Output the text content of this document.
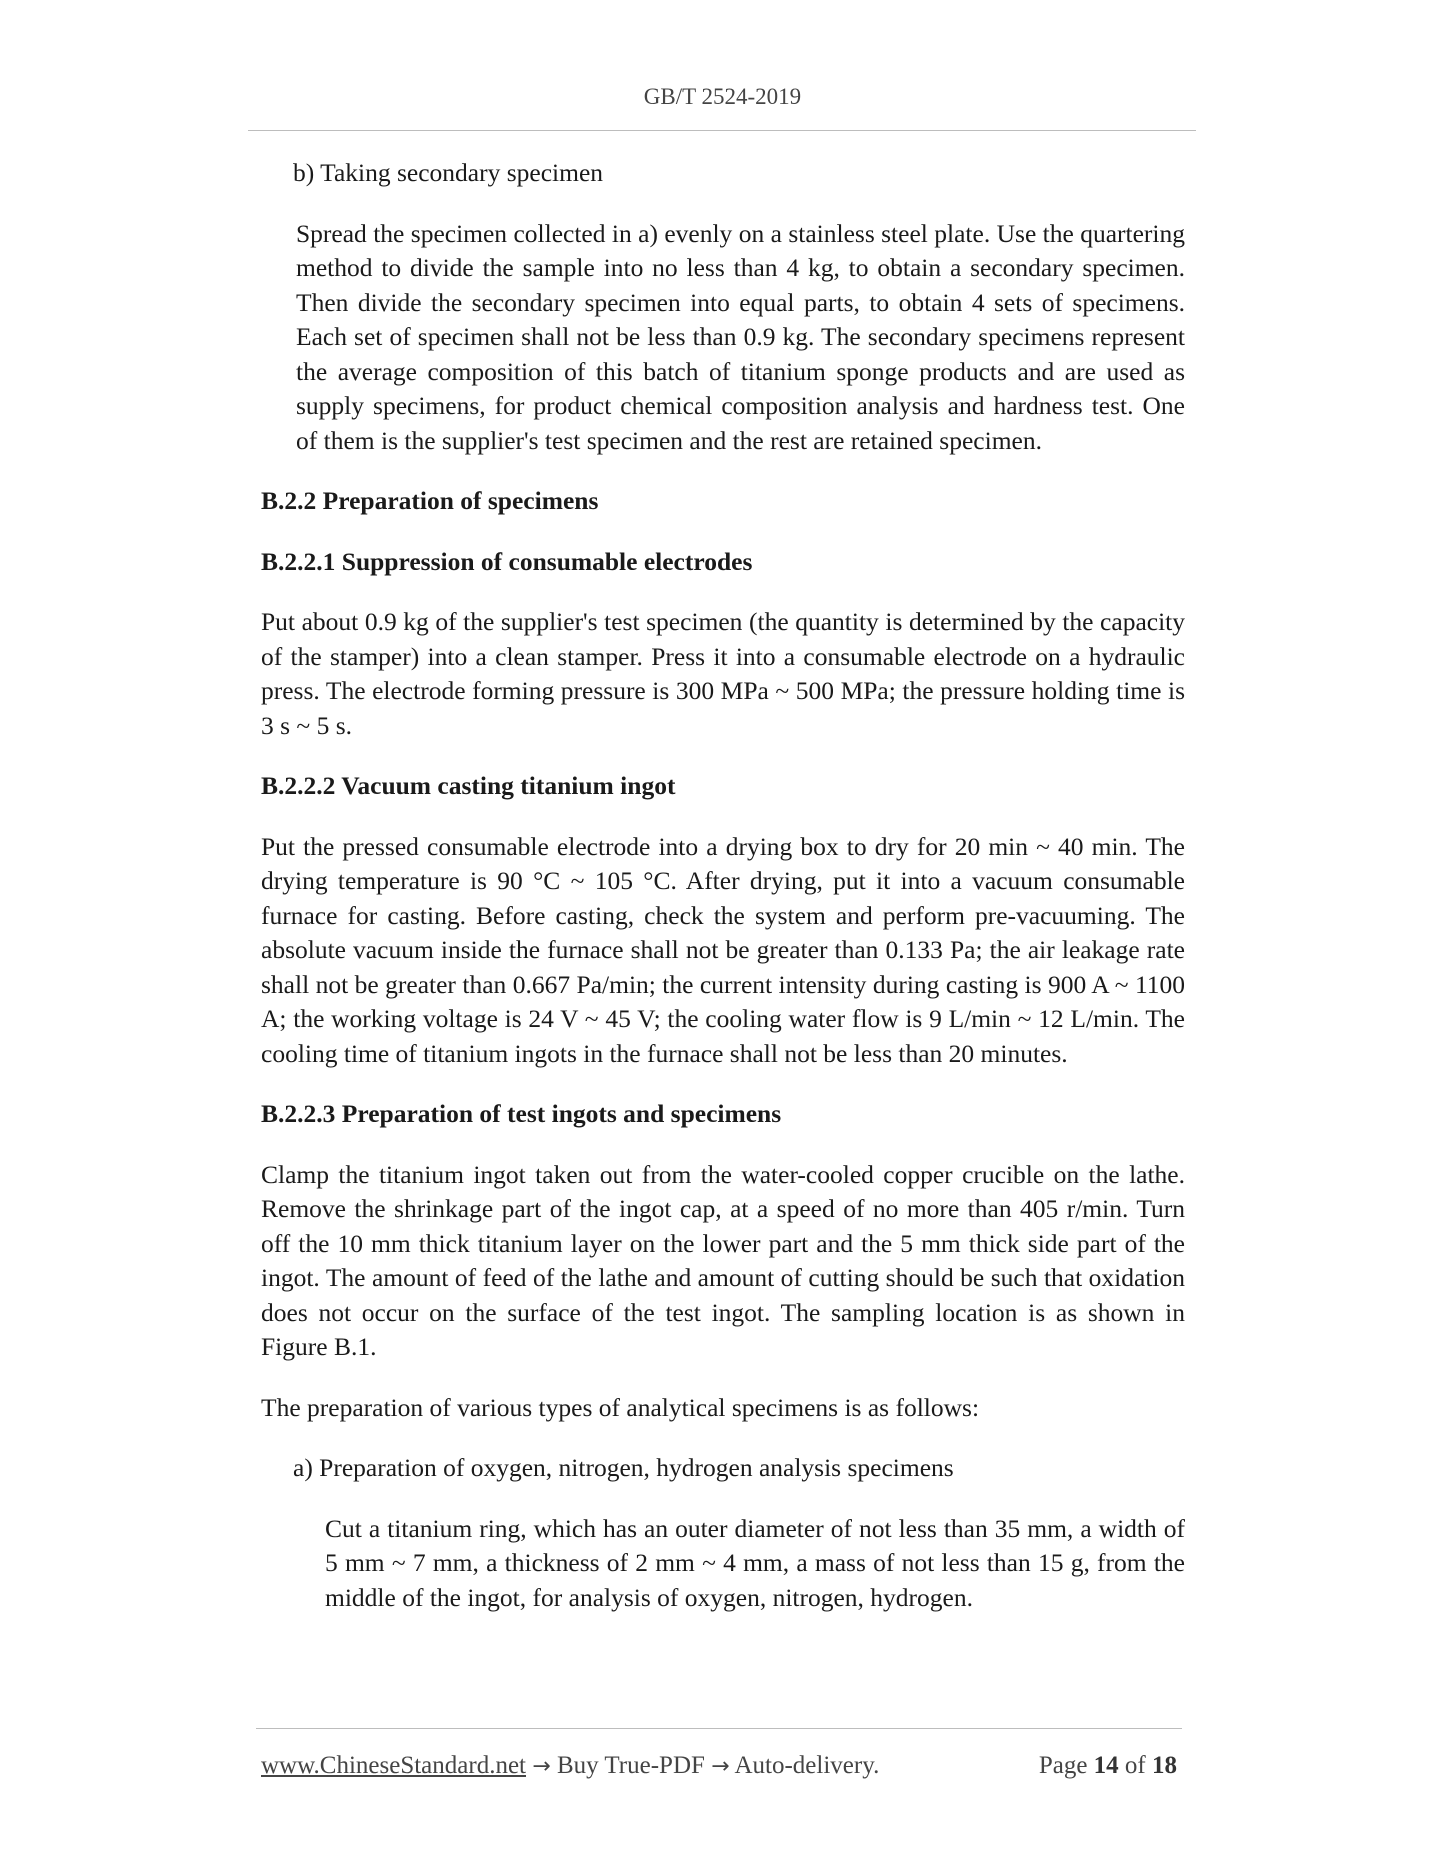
GB/T 2524-2019

b) Taking secondary specimen

Spread the specimen collected in a) evenly on a stainless steel plate. Use the quartering method to divide the sample into no less than 4 kg, to obtain a secondary specimen. Then divide the secondary specimen into equal parts, to obtain 4 sets of specimens. Each set of specimen shall not be less than 0.9 kg. The secondary specimens represent the average composition of this batch of titanium sponge products and are used as supply specimens, for product chemical composition analysis and hardness test. One of them is the supplier's test specimen and the rest are retained specimen.

B.2.2 Preparation of specimens

B.2.2.1 Suppression of consumable electrodes

Put about 0.9 kg of the supplier's test specimen (the quantity is determined by the capacity of the stamper) into a clean stamper. Press it into a consumable electrode on a hydraulic press. The electrode forming pressure is 300 MPa ~ 500 MPa; the pressure holding time is 3 s ~ 5 s.

B.2.2.2 Vacuum casting titanium ingot

Put the pressed consumable electrode into a drying box to dry for 20 min ~ 40 min. The drying temperature is 90 °C ~ 105 °C. After drying, put it into a vacuum consumable furnace for casting. Before casting, check the system and perform pre-vacuuming. The absolute vacuum inside the furnace shall not be greater than 0.133 Pa; the air leakage rate shall not be greater than 0.667 Pa/min; the current intensity during casting is 900 A ~ 1100 A; the working voltage is 24 V ~ 45 V; the cooling water flow is 9 L/min ~ 12 L/min. The cooling time of titanium ingots in the furnace shall not be less than 20 minutes.

B.2.2.3 Preparation of test ingots and specimens

Clamp the titanium ingot taken out from the water-cooled copper crucible on the lathe. Remove the shrinkage part of the ingot cap, at a speed of no more than 405 r/min. Turn off the 10 mm thick titanium layer on the lower part and the 5 mm thick side part of the ingot. The amount of feed of the lathe and amount of cutting should be such that oxidation does not occur on the surface of the test ingot. The sampling location is as shown in Figure B.1.

The preparation of various types of analytical specimens is as follows:

a) Preparation of oxygen, nitrogen, hydrogen analysis specimens

Cut a titanium ring, which has an outer diameter of not less than 35 mm, a width of 5 mm ~ 7 mm, a thickness of 2 mm ~ 4 mm, a mass of not less than 15 g, from the middle of the ingot, for analysis of oxygen, nitrogen, hydrogen.

www.ChineseStandard.net → Buy True-PDF → Auto-delivery.	Page 14 of 18
